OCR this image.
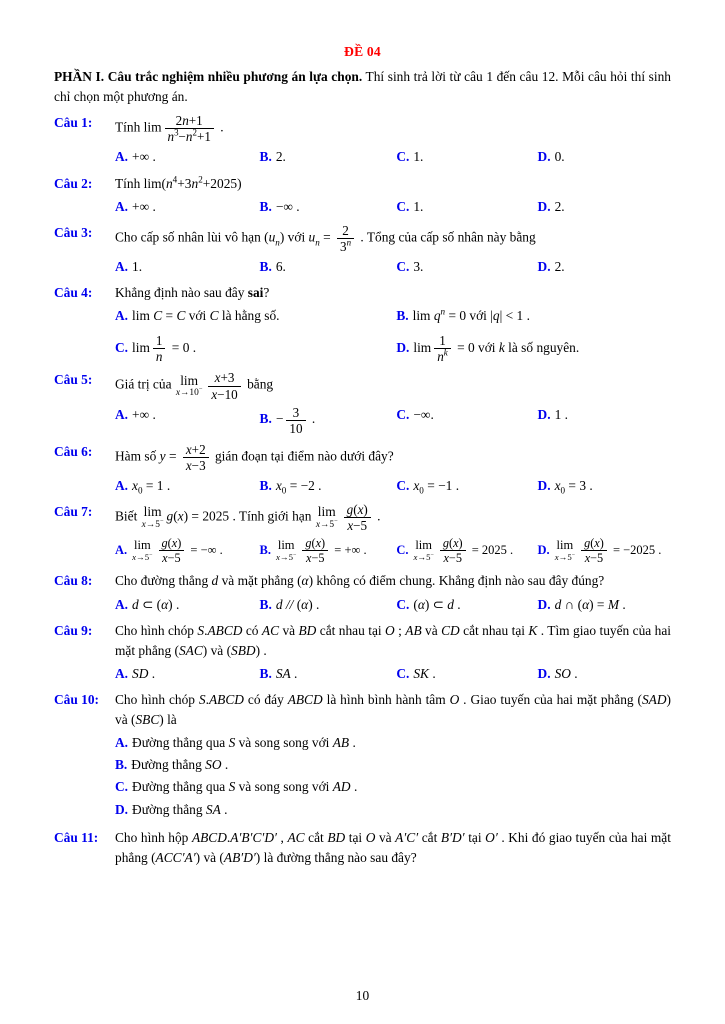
ĐỀ 04

PHẦN I. Câu trắc nghiệm nhiều phương án lựa chọn. Thí sinh trả lời từ câu 1 đến câu 12. Mỗi câu hỏi thí sinh chỉ chọn một phương án.

Câu 1:	Tính $\lim \frac{2n+1}{n^3-n^2+1}$ .
A. +∞ .	B. 2.	C. 1.	D. 0.
Câu 2:	Tính $\lim(n^4+3n^2+2025)$
A. +∞ .	B. −∞ .	C. 1.	D. 2.
Câu 3:	Cho cấp số nhân lùi vô hạn $(u_n)$ với $u_n = \frac{2}{3^n}$ . Tổng của cấp số nhân này bằng
A. 1.	B. 6.	C. 3.	D. 2.
Câu 4:	Khẳng định nào sau đây sai?
A. lim C = C với C là hằng số.	B. $\lim q^n = 0$ với |q| < 1 .
C. $\lim \frac{1}{n} = 0$ .	D. $\lim \frac{1}{n^k} = 0$ với k là số nguyên.
Câu 5:	Giá trị của lim
$x\to 10^- \frac{x+3}{x-10}$ bằng
A. +∞ .	B. − $\frac{3}{10}$ .	C. −∞.	D. 1 .
Câu 6:	Hàm số $y = \frac{x+2}{x-3}$ gián đoạn tại điểm nào dưới đây?
A. $x_0 = 1$ .	B. $x_0 = -2$ .	C. $x_0 = -1$ .	D. $x_0 = 3$ .
Câu 7:	Biết lim
x→5− g(x) = 2025 . Tính giới hạn lim
$x\to 5^- \frac{g(x)}{x-5}$ .
A. lim
$x\to 5^- \frac{g(x)}{x-5}$ = −∞ .	B. lim
$x\to 5^- \frac{g(x)}{x-5}$ = +∞ .	C. lim
$x\to 5^- \frac{g(x)}{x-5} = 2025$ .	D. lim
$x\to 5^- \frac{g(x)}{x-5} = -2025$ .
Câu 8:	Cho đường thẳng d và mặt phẳng (α) không có điểm chung. Khẳng định nào sau đây đúng?
A. d ⊂ (α) .	B. d // (α) .	C. (α) ⊂ d .	D. d ∩ (α) = M .
Câu 9:	Cho hình chóp S.ABCD có AC và BD cắt nhau tại O ; AB và CD cắt nhau tại K . Tìm giao tuyến của hai mặt phẳng (SAC) và (SBD) .
A. SD .	B. SA .	C. SK .	D. SO .
Câu 10:	Cho hình chóp S.ABCD có đáy ABCD là hình bình hành tâm O . Giao tuyến của hai mặt phẳng (SAD) và (SBC) là
A. Đường thẳng qua S và song song với AB .
B. Đường thẳng SO .
C. Đường thẳng qua S và song song với AD .
D. Đường thẳng SA .
Câu 11:	Cho hình hộp ABCD.A′B′C′D′ , AC cắt BD tại O và A′C′ cắt B′D′ tại O′ . Khi đó giao tuyến của hai mặt phẳng (ACC′A′) và (AB′D′) là đường thẳng nào sau đây?
10
